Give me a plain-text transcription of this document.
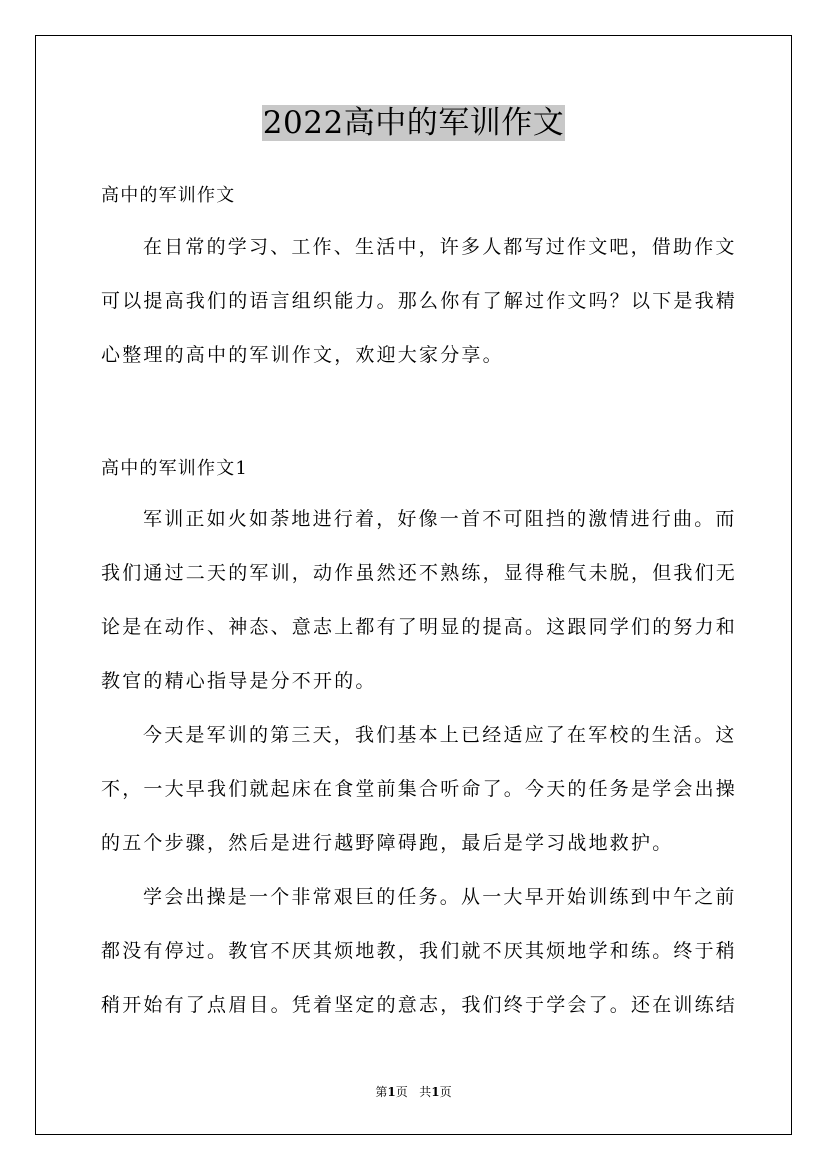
2022高中的军训作文

高中的军训作文

在日常的学习、工作、生活中，许多人都写过作文吧，借助作文
可以提高我们的语言组织能力。那么你有了解过作文吗？以下是我精
心整理的高中的军训作文，欢迎大家分享。

高中的军训作文1

军训正如火如荼地进行着，好像一首不可阻挡的激情进行曲。而
我们通过二天的军训，动作虽然还不熟练，显得稚气未脱，但我们无
论是在动作、神态、意志上都有了明显的提高。这跟同学们的努力和
教官的精心指导是分不开的。
今天是军训的第三天，我们基本上已经适应了在军校的生活。这
不，一大早我们就起床在食堂前集合听命了。今天的任务是学会出操
的五个步骤，然后是进行越野障碍跑，最后是学习战地救护。
学会出操是一个非常艰巨的任务。从一大早开始训练到中午之前
都没有停过。教官不厌其烦地教，我们就不厌其烦地学和练。终于稍
稍开始有了点眉目。凭着坚定的意志，我们终于学会了。还在训练结
第1页 共1页
